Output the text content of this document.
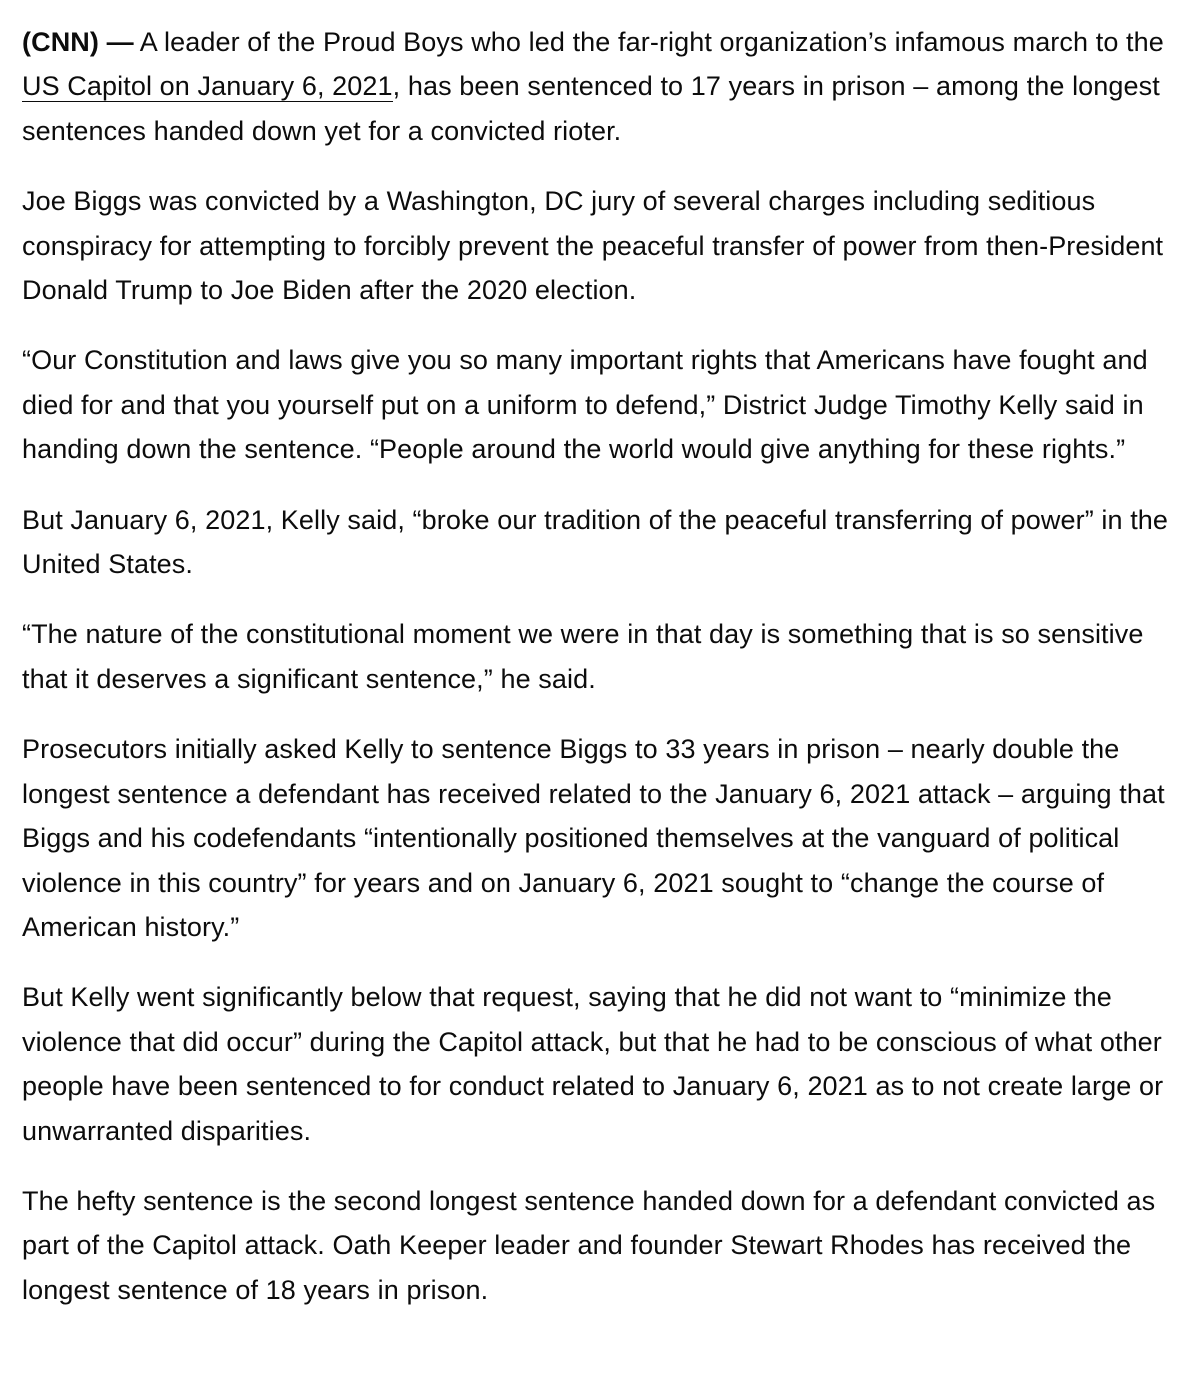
(CNN) — A leader of the Proud Boys who led the far-right organization’s infamous march to the US Capitol on January 6, 2021, has been sentenced to 17 years in prison – among the longest sentences handed down yet for a convicted rioter.

Joe Biggs was convicted by a Washington, DC jury of several charges including seditious conspiracy for attempting to forcibly prevent the peaceful transfer of power from then-President Donald Trump to Joe Biden after the 2020 election.

“Our Constitution and laws give you so many important rights that Americans have fought and died for and that you yourself put on a uniform to defend,” District Judge Timothy Kelly said in handing down the sentence. “People around the world would give anything for these rights.”

But January 6, 2021, Kelly said, “broke our tradition of the peaceful transferring of power” in the United States.

“The nature of the constitutional moment we were in that day is something that is so sensitive that it deserves a significant sentence,” he said.

Prosecutors initially asked Kelly to sentence Biggs to 33 years in prison – nearly double the longest sentence a defendant has received related to the January 6, 2021 attack – arguing that Biggs and his codefendants “intentionally positioned themselves at the vanguard of political violence in this country” for years and on January 6, 2021 sought to “change the course of American history.”

But Kelly went significantly below that request, saying that he did not want to “minimize the violence that did occur” during the Capitol attack, but that he had to be conscious of what other people have been sentenced to for conduct related to January 6, 2021 as to not create large or unwarranted disparities.

The hefty sentence is the second longest sentence handed down for a defendant convicted as part of the Capitol attack. Oath Keeper leader and founder Stewart Rhodes has received the longest sentence of 18 years in prison.
